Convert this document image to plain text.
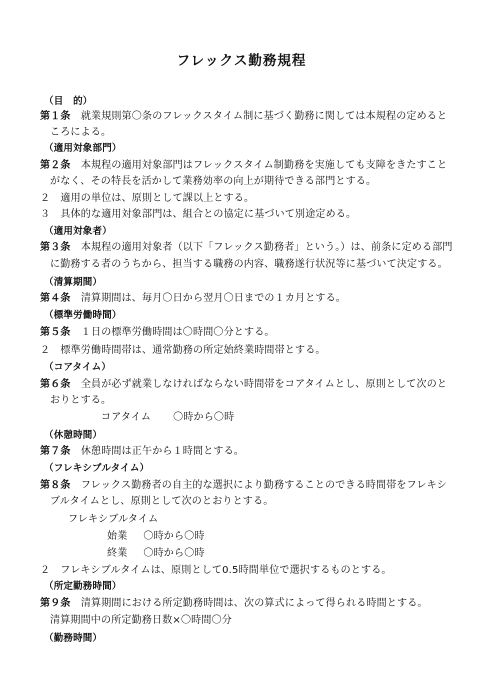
フレックス勤務規程
（目　的）
第１条　 就業規則第〇条のフレックスタイム制に基づく勤務に関しては本規程の定めると
ころによる。
（適用対象部門）
第２条　 本規程の適用対象部門はフレックスタイム制勤務を実施しても支障をきたすこと
がなく、その特長を活かして業務効率の向上が期待できる部門とする。
２　 適用の単位は、原則として課以上とする。
３　 具体的な適用対象部門は、組合との協定に基づいて別途定める。
（適用対象者）
第３条　 本規程の適用対象者（以下「フレックス勤務者」という。）は、前条に定める部門
に勤務する者のうちから、担当する職務の内容、職務遂行状況等に基づいて決定する。
（清算期間）
第４条　 清算期間は、毎月〇日から翌月〇日までの１カ月とする。
（標準労働時間）
第５条　 １日の標準労働時間は〇時間〇分とする。
２　 標準労働時間帯は、通常勤務の所定始終業時間帯とする。
（コアタイム）
第６条　 全員が必ず就業しなければならない時間帯をコアタイムとし、原則として次のと
おりとする。
コアタイム 〇時から〇時
（休憩時間）
第７条　 休憩時間は正午から１時間とする。
（フレキシブルタイム）
第８条　 フレックス勤務者の自主的な選択により勤務することのできる時間帯をフレキシ
ブルタイムとし、原則として次のとおりとする。
フレキシブルタイム
始業 〇時から〇時
終業 〇時から〇時
２　 フレキシブルタイムは、原則として0.5時間単位で選択するものとする。
（所定勤務時間）
第９条　 清算期間における所定勤務時間は、次の算式によって得られる時間とする。
清算期間中の所定勤務日数×〇時間〇分
（勤務時間）
